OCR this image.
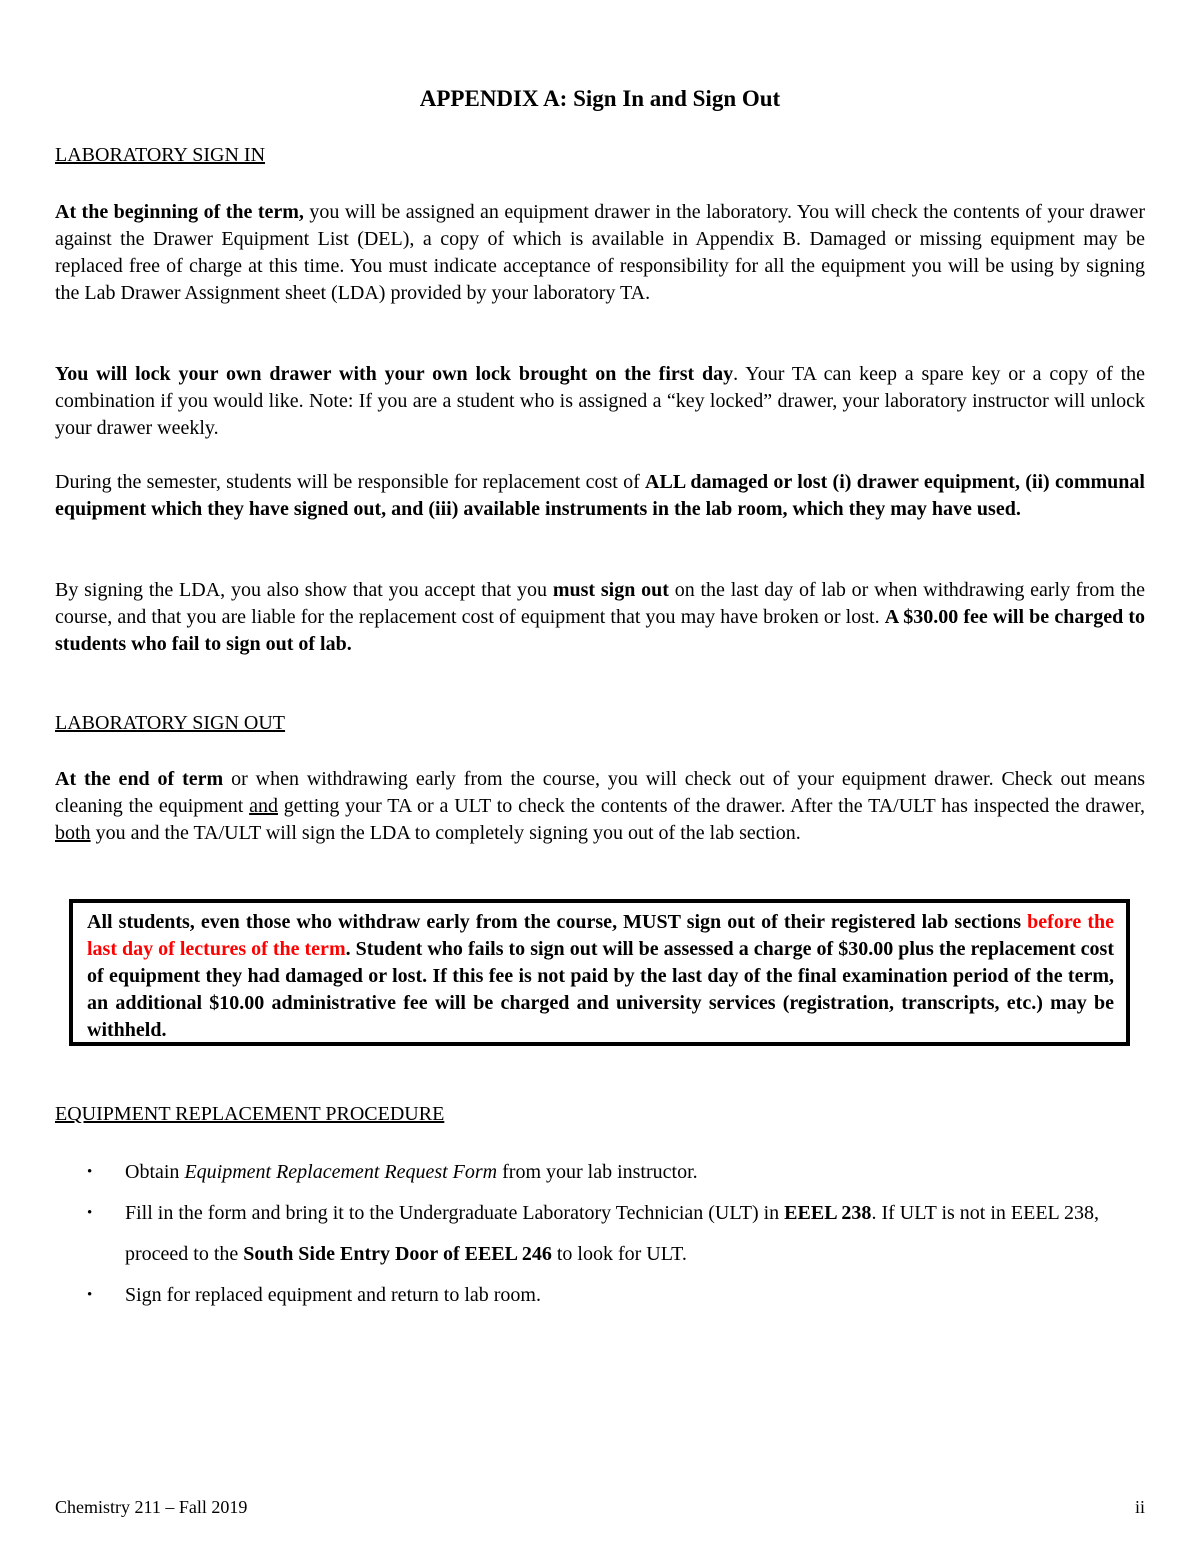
APPENDIX A: Sign In and Sign Out
LABORATORY SIGN IN

At the beginning of the term, you will be assigned an equipment drawer in the laboratory. You will check the contents of your drawer against the Drawer Equipment List (DEL), a copy of which is available in Appendix B. Damaged or missing equipment may be replaced free of charge at this time. You must indicate acceptance of responsibility for all the equipment you will be using by signing the Lab Drawer Assignment sheet (LDA) provided by your laboratory TA.

You will lock your own drawer with your own lock brought on the first day. Your TA can keep a spare key or a copy of the combination if you would like. Note: If you are a student who is assigned a “key locked” drawer, your laboratory instructor will unlock your drawer weekly.

During the semester, students will be responsible for replacement cost of ALL damaged or lost (i) drawer equipment, (ii) communal equipment which they have signed out, and (iii) available instruments in the lab room, which they may have used.

By signing the LDA, you also show that you accept that you must sign out on the last day of lab or when withdrawing early from the course, and that you are liable for the replacement cost of equipment that you may have broken or lost. A $30.00 fee will be charged to students who fail to sign out of lab.

LABORATORY SIGN OUT

At the end of term or when withdrawing early from the course, you will check out of your equipment drawer. Check out means cleaning the equipment and getting your TA or a ULT to check the contents of the drawer. After the TA/ULT has inspected the drawer, both you and the TA/ULT will sign the LDA to completely signing you out of the lab section.

All students, even those who withdraw early from the course, MUST sign out of their registered lab sections before the last day of lectures of the term. Student who fails to sign out will be assessed a charge of $30.00 plus the replacement cost of equipment they had damaged or lost. If this fee is not paid by the last day of the final examination period of the term, an additional $10.00 administrative fee will be charged and university services (registration, transcripts, etc.) may be withheld.

EQUIPMENT REPLACEMENT PROCEDURE
• Obtain Equipment Replacement Request Form from your lab instructor.
• Fill in the form and bring it to the Undergraduate Laboratory Technician (ULT) in EEEL 238. If ULT is not in EEEL 238, proceed to the South Side Entry Door of EEEL 246 to look for ULT.
• Sign for replaced equipment and return to lab room.

Chemistry 211 – Fall 2019	ii
